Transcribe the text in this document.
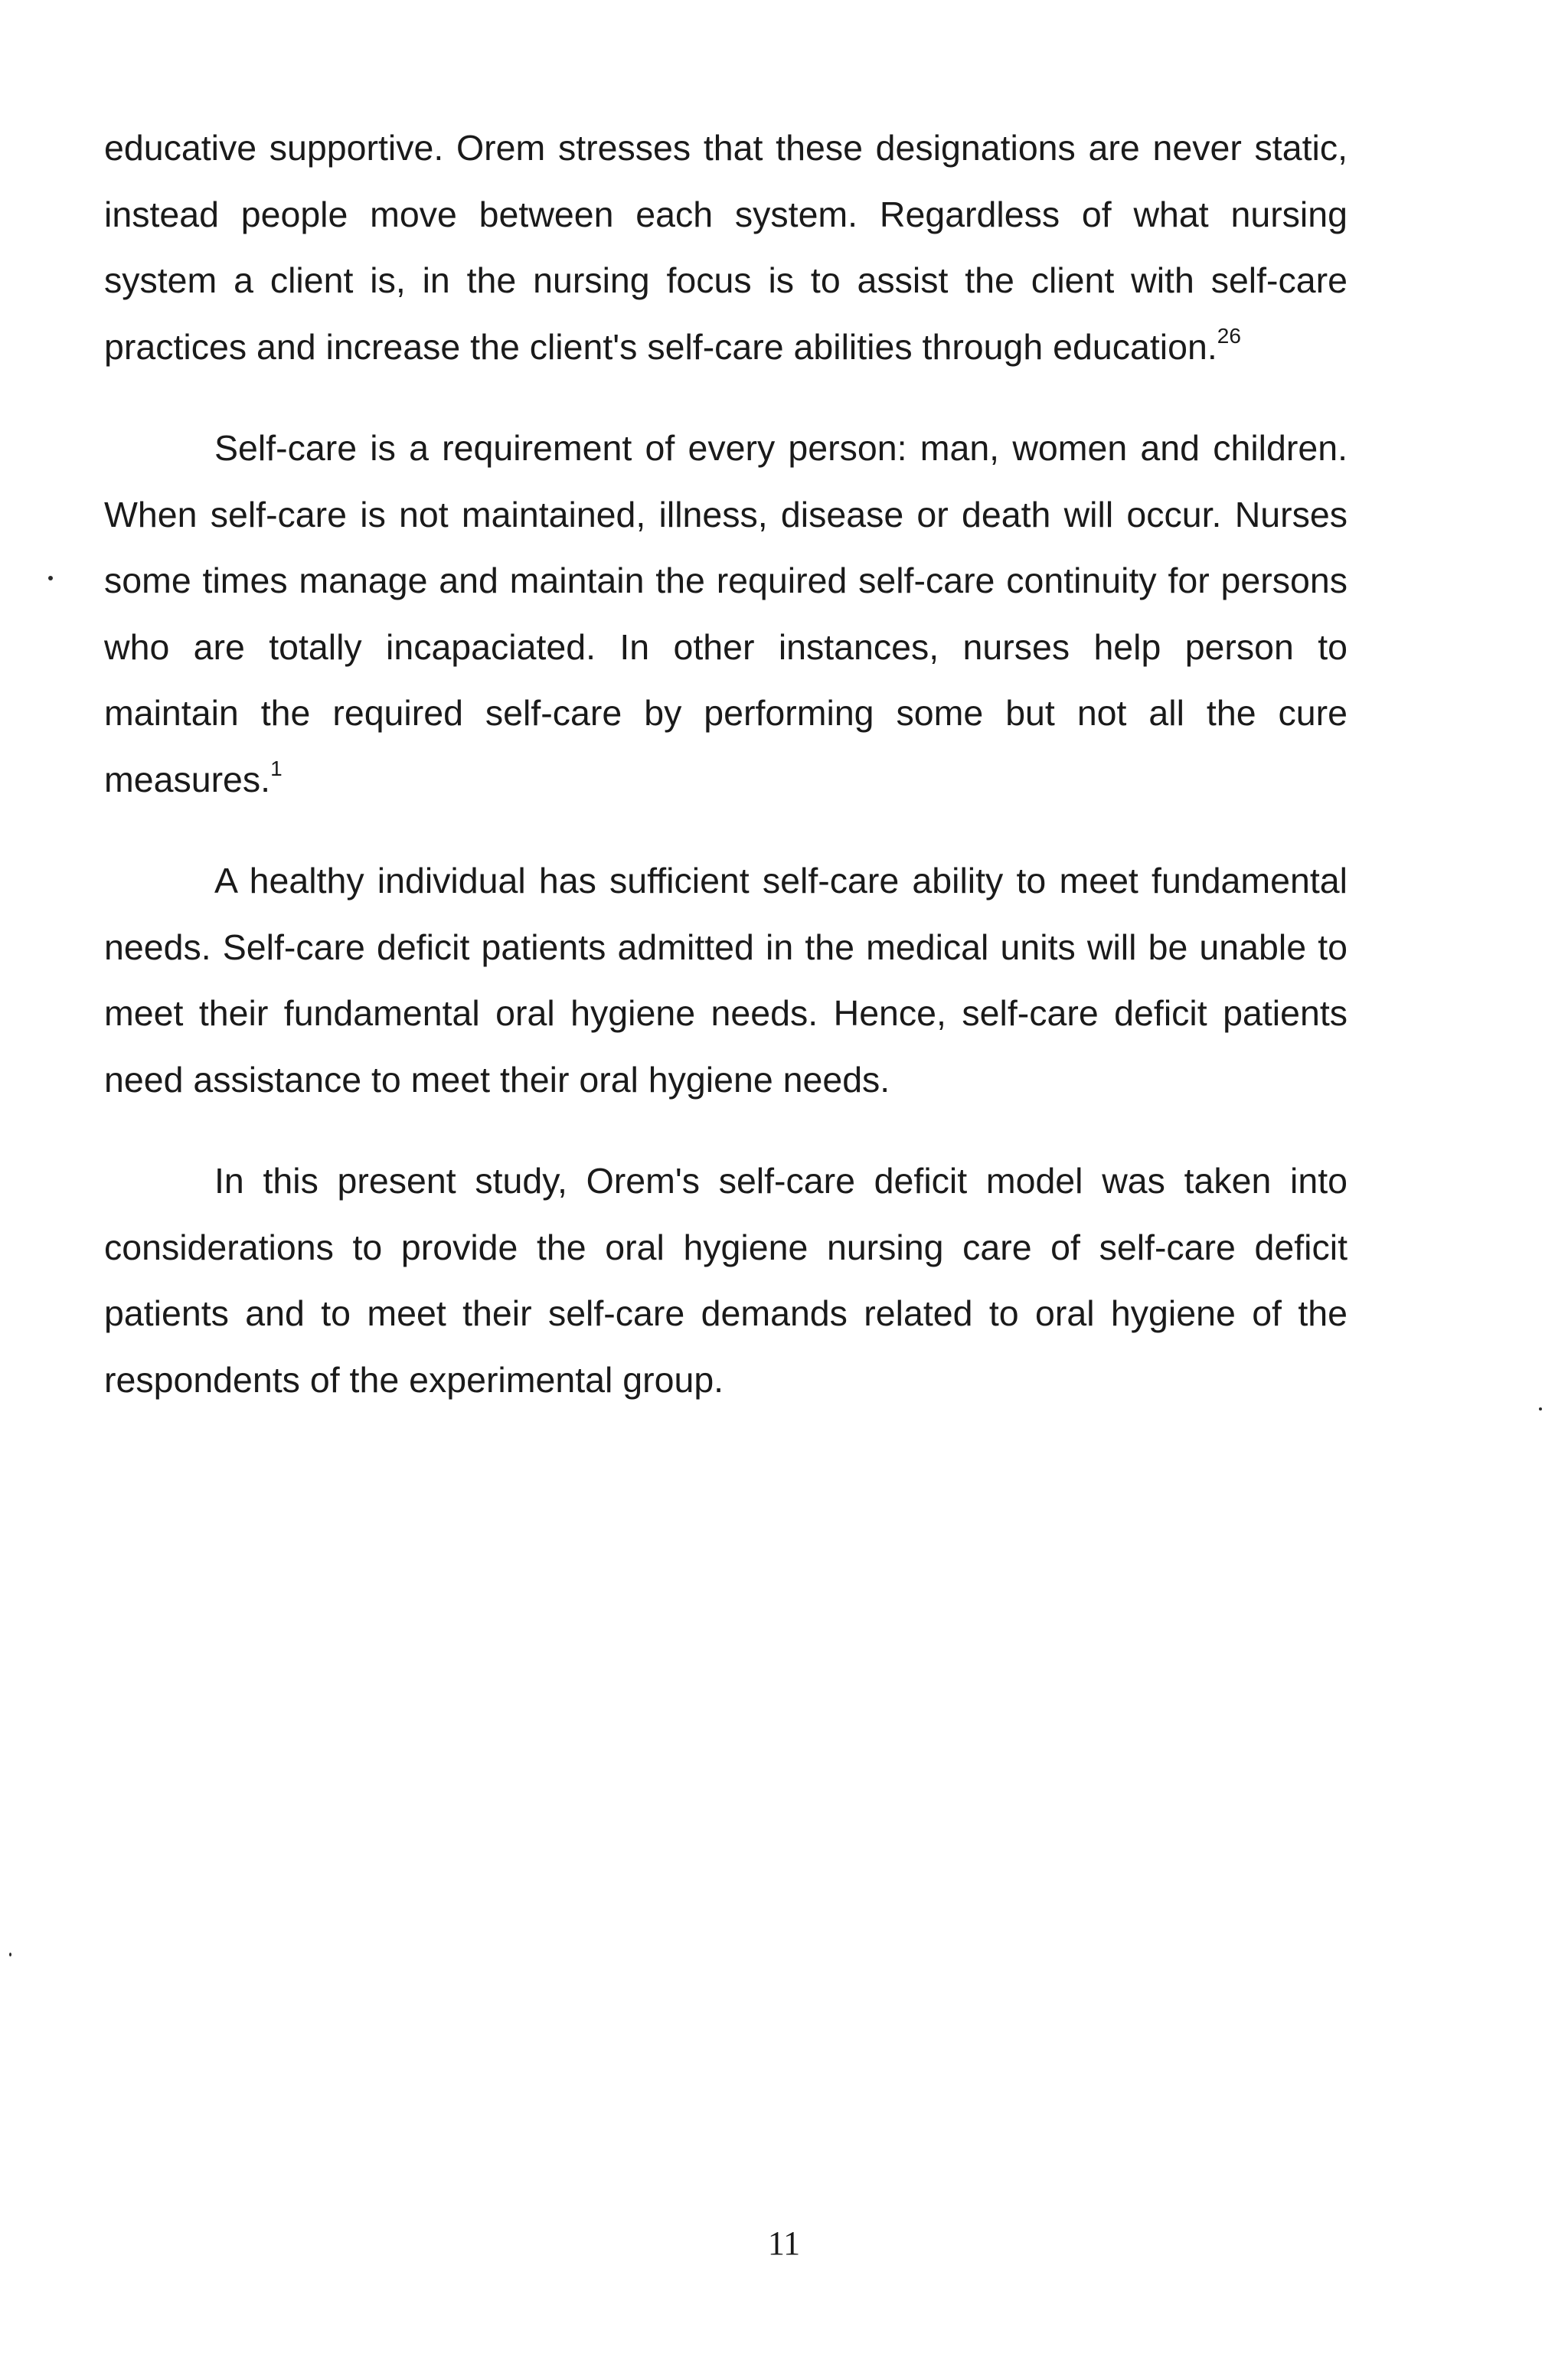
educative supportive. Orem stresses that these designations are never static, instead people move between each system. Regardless of what nursing system a client is, in the nursing focus is to assist the client with self-care practices and increase the client's self-care abilities through education.$^{26}$

Self-care is a requirement of every person: man, women and children. When self-care is not maintained, illness, disease or death will occur. Nurses some times manage and maintain the required self-care continuity for persons who are totally incapaciated. In other instances, nurses help person to maintain the required self-care by performing some but not all the cure measures.$^1$

A healthy individual has sufficient self-care ability to meet fundamental needs. Self-care deficit patients admitted in the medical units will be unable to meet their fundamental oral hygiene needs. Hence, self-care deficit patients need assistance to meet their oral hygiene needs.

In this present study, Orem's self-care deficit model was taken into considerations to provide the oral hygiene nursing care of self-care deficit patients and to meet their self-care demands related to oral hygiene of the respondents of the experimental group.

11
